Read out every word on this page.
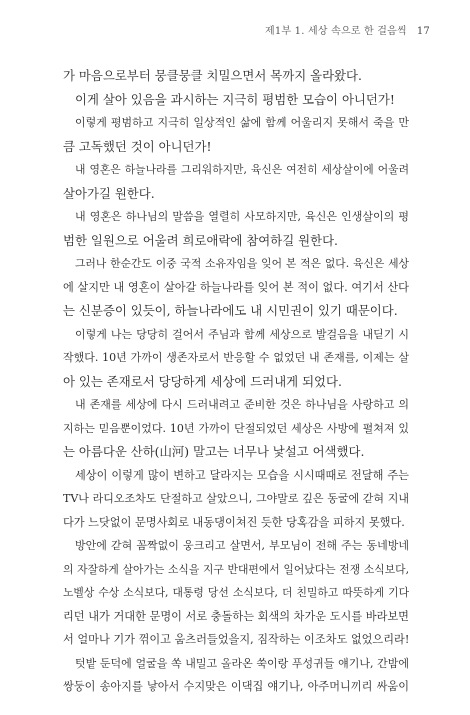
제1부 1. 세상 속으로 한 걸음씩 17
가 마음으로부터 뭉클뭉클 치밀으면서 목까지 올라왔다.
이게 살아 있음을 과시하는 지극히 평범한 모습이 아니던가!
이렇게 평범하고 지극히 일상적인 삶에 함께 어울리지 못해서 죽을 만
큼 고독했던 것이 아니던가!
내 영혼은 하늘나라를 그리워하지만, 육신은 여전히 세상살이에 어울려
살아가길 원한다.
내 영혼은 하나님의 말씀을 열렬히 사모하지만, 육신은 인생살이의 평
범한 일원으로 어울려 희로애락에 참여하길 원한다.
그러나 한순간도 이중 국적 소유자임을 잊어 본 적은 없다. 육신은 세상
에 살지만 내 영혼이 살아갈 하늘나라를 잊어 본 적이 없다. 여기서 산다
는 신분증이 있듯이, 하늘나라에도 내 시민권이 있기 때문이다.
이렇게 나는 당당히 걸어서 주님과 함께 세상으로 발걸음을 내딛기 시
작했다. 10년 가까이 생존자로서 반응할 수 없었던 내 존재를, 이제는 살
아 있는 존재로서 당당하게 세상에 드러내게 되었다.
내 존재를 세상에 다시 드러내려고 준비한 것은 하나님을 사랑하고 의
지하는 믿음뿐이었다. 10년 가까이 단절되었던 세상은 사방에 펼쳐져 있
는 아름다운 산하(山河) 말고는 너무나 낯설고 어색했다.
세상이 이렇게 많이 변하고 달라지는 모습을 시시때때로 전달해 주는
TV나 라디오조차도 단절하고 살았으니, 그야말로 깊은 동굴에 갇혀 지내
다가 느닷없이 문명사회로 내동댕이쳐진 듯한 당혹감을 피하지 못했다.
방안에 갇혀 꼼짝없이 웅크리고 살면서, 부모님이 전해 주는 동네방네
의 자잘하게 살아가는 소식을 지구 반대편에서 일어났다는 전쟁 소식보다,
노벨상 수상 소식보다, 대통령 당선 소식보다, 더 친밀하고 따뜻하게 기다
리던 내가 거대한 문명이 서로 충돌하는 회색의 차가운 도시를 바라보면
서 얼마나 기가 꺾이고 움츠러들었을지, 짐작하는 이조차도 없었으리라!
텃밭 둔덕에 얼굴을 쏙 내밀고 올라온 쑥이랑 푸성귀들 얘기나, 간밤에
쌍둥이 송아지를 낳아서 수지맞은 이댁집 얘기나, 아주머니끼리 싸움이
